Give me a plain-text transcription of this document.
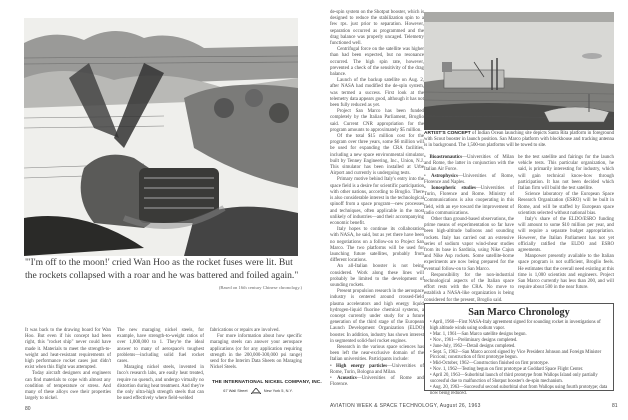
"'I'm off to the moon!' cried Wan Hoo as the rocket fuses were lit. But the rockets collapsed with a roar and he was battered and foiled again."
(Based on 16th century Chinese chronology.)

It was back to the drawing board for Wan Hoo. But even if his concept had been right, this "rocket ship" never could have made it. Materials to meet the strength-to-weight and heat-resistant requirements of high performance rocket cases just didn't exist when this flight was attempted.

Today aircraft designers and engineers can find materials to cope with almost any condition of temperature or stress. And many of these alloys owe their properties largely to nickel.

The new maraging nickel steels, for example, have strength-to-weight ratios of over 1,000,000 to 1. They're the ideal answer to many of aerospace's toughest problems—including solid fuel rocket cases.

Maraging nickel steels, invented in Inco's research labs, are easily heat treated, require no quench, and undergo virtually no distortion during heat treatment. And they're the only ultra-high strength steels that can be used effectively where field-welded

fabrications or repairs are involved.

For more information about how specific maraging steels can answer your aerospace applications (or for any application requiring strength in the 200,000-300,000 psi range) send for the Interim Data Sheets on Maraging Nickel Steels.

THE INTERNATIONAL NICKEL COMPANY, INC.
67 Wall Street	New York 5, N.Y.
80

de-spin system on the Shotput booster, which is designed to reduce the stabilization spin to a few rps. just prior to separation. However, separation occurred as programmed and the drag balance was properly uncaged. Telemetry functioned well.

Centrifugal force on the satellite was higher than had been expected, but no resonance occurred. The high spin rate, however, prevented a check of the sensitivity of the drag balance.

Launch of the backup satellite on Aug. 2, after NASA had modified the de-spin system, was termed a success. First look at the telemetry data appears good, although it has not been fully reduced as yet.

Project San Marco has been funded completely by the Italian Parliament, Broglio said. Current CNR appropriation for the program amounts to approximately $5 million.

Of the total $15 million cost for the program over three years, some $6 million will be used for expanding the CRA facilities, including a new space environmental simulator built by Tenney Engineering, Inc., Union, N.J. This simulator has been installed at Urbe Airport and currently is undergoing tests.

Primary motive behind Italy's entry into the space field is a desire for scientific participation with other nations, according to Broglio. There is also considerable interest in the technological spinoff from a space program—new processes and techniques, often applicable in the most unlikely of industries—and their accompanying economic benefit.

Italy hopes to continue its collaboration with NASA, he said, but as yet there have been no negotiations on a follow-on to Project San Marco. The two platforms will be used for launching future satellites, probably from different locations.

An all-Italian booster is not being considered. Work along these lines will probably be limited to the development of sounding rockets.

Present propulsion research in the aerospace industry is centered around crossed-field plasma accelerators and high energy liquid hydrogen-liquid fluorine chemical systems, a concept currently under study for a future generation of the third stage of the European Launch Development Organization (ELDO) booster. In addition, industry has shown interest in segmented solid-fuel rocket engines.

Research in the various space sciences has been left the near-exclusive domain of the Italian universities. Participants include:

• High energy particles—Universities of Rome, Turin, Bologna and Milan.

• Acoustics—Universities of Rome and Florence.

ARTIST'S CONCEPT of Indian Ocean launching site depicts Santa Rita platform in foreground with Scout booster in launch position. San Marco platform with blockhouse and tracking antenna is in background. The 1,500-ton platforms will be towed to site.

• Bioastronautics—Universities of Milan and Rome, the latter in conjunction with the Italian Air Force.

• Astrophysics—Universities of Rome, Florence and Naples.

• Ionospheric studies—Universities of Turin, Florence and Rome. Ministry of Communications is also cooperating in this field, with an eye toward the improvement of radio communications.

Other than ground-based observations, the prime means of experimentation so far have been high-altitude balloons and sounding rockets. Italy has carried out an extensive series of sodium vapor wind-shear studies from its base in Sardinia, using Nike Cajun and Nike Asp rockets. Some satellite-borne experiments are now being prepared for the eventual follow-on to San Marco.

Responsibility for the non-industrial technological aspects of the Italian space effort rests with the CRA. No move to establish a NASA-like organization is being considered for the present, Broglio said.

be the test satellite and fairings for the launch vehicle tests. This particular organization, he said, is primarily interesting for industry, which will gain technical know-how through participation. It has not been decided which Italian firm will build the test satellite.

Science laboratory of the European Space Research Organization (ESRO) will be built in Rome, and will be staffed by European space scientists selected without national bias.

Italy's share of the ELDO/ESRO funding will amount to some $10 million per year, and will require a separate budget appropriation. However, the Italian Parliament has not yet officially ratified the ELDO and ESRO agreements.

Manpower presently available to the Italian space program is not sufficient, Broglio feels. He estimates that the overall need existing at this time is 1,000 scientists and engineers. Project San Marco currently has less than 200, and will require about 500 in the near future.

San Marco Chronology
• April, 1960—First NASA-Italy agreement signed for sounding rocket in investigations of high altitude winds using sodium vapor.
• Mar. 1, 1961—San Marco satellite designs begun.
• Nov., 1961—Preliminary designs completed.
• June-July, 1962—Detail designs completed.
• Sept. 5, 1962—San Marco accord signed by Vice President Johnson and Foreign Minister Piccioni; construction of first prototype begun.
• Mid-October, 1962—Construction finished on first prototype.
• Nov. 1, 1962—Testing begun on first prototype at Goddard Space Flight Center.
• April 20, 1963—Suborbital launch of third prototype from Wallops Island only partially successful due to malfunction of Shotput booster's de-spin mechanism.
• Aug. 20, 1963—Successful second suborbital shot from Wallops using fourth prototype; data now being reduced.
AVIATION WEEK & SPACE TECHNOLOGY, August 26, 1963	81
